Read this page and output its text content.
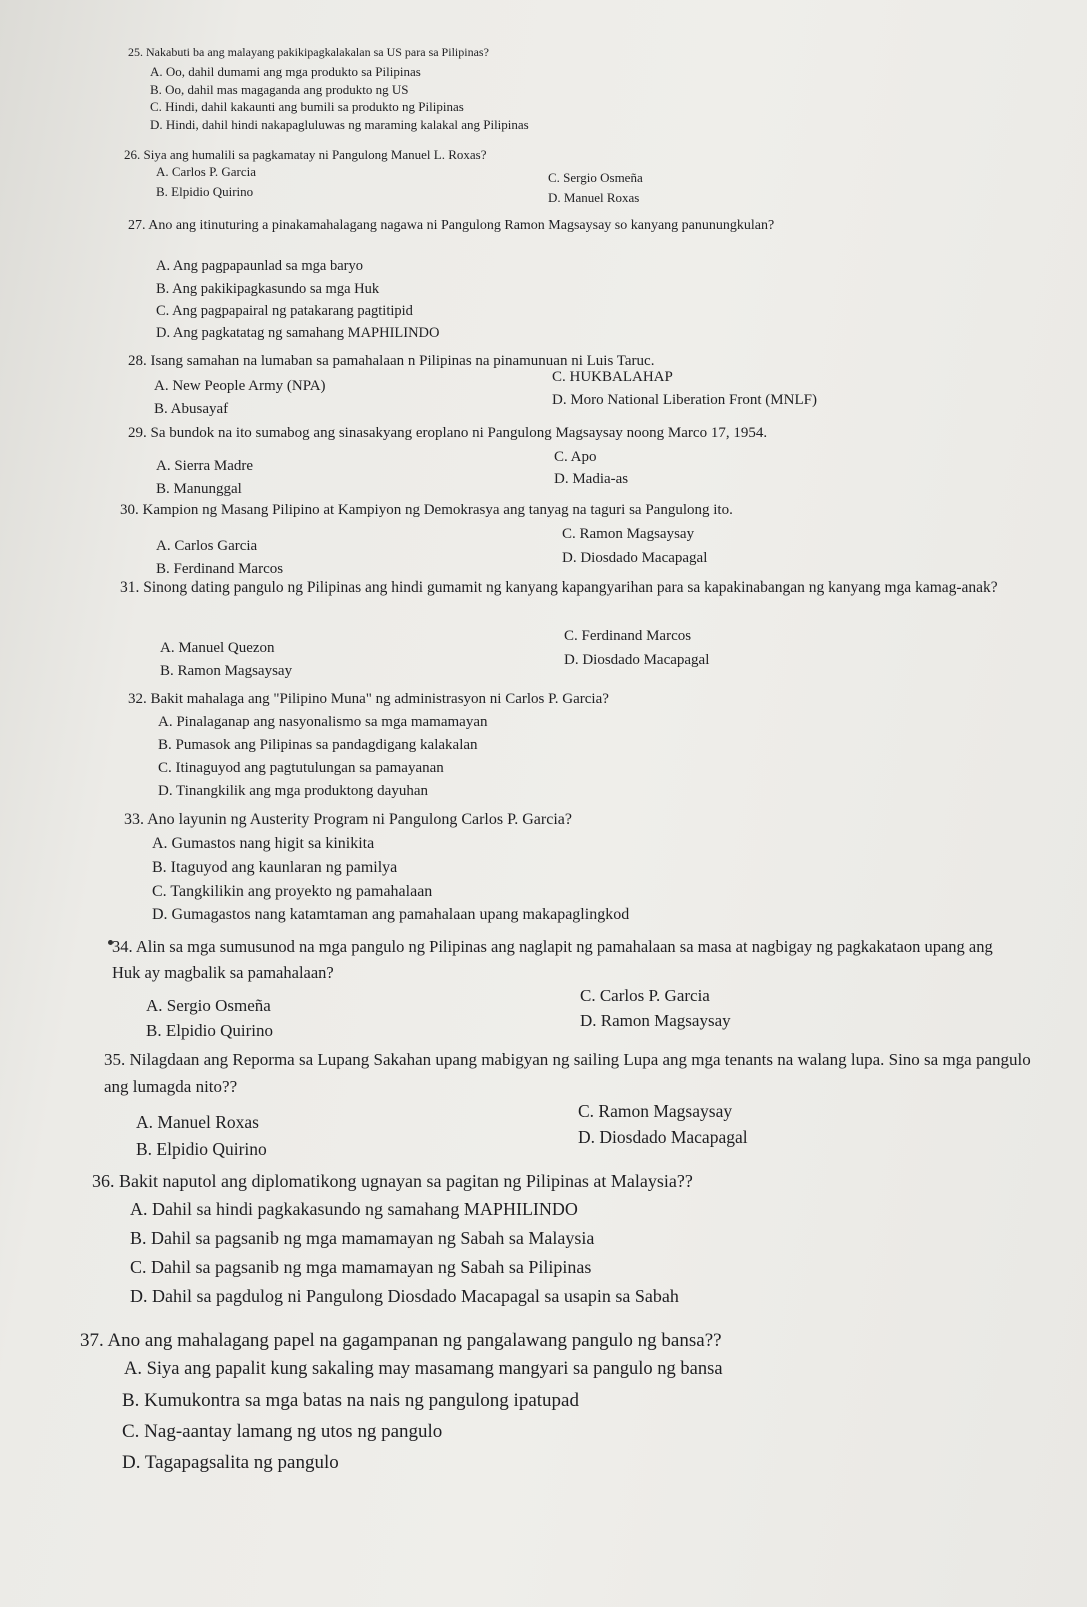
25. Nakabuti ba ang malayang pakikipagkalakalan sa US para sa Pilipinas?
A. Oo, dahil dumami ang mga produkto sa Pilipinas
B. Oo, dahil mas magaganda ang produkto ng US
C. Hindi, dahil kakaunti ang bumili sa produkto ng Pilipinas
D. Hindi, dahil hindi nakapagluluwas ng maraming kalakal ang Pilipinas
26. Siya ang humalili sa pagkamatay ni Pangulong Manuel L. Roxas?
A. Carlos P. Garcia	C. Sergio Osmeña
B. Elpidio Quirino	D. Manuel Roxas
27. Ano ang itinuturing a pinakamahalagang nagawa ni Pangulong Ramon Magsaysay so kanyang panunungkulan?
A. Ang pagpapaunlad sa mga baryo
B. Ang pakikipagkasundo sa mga Huk
C. Ang pagpapairal ng patakarang pagtitipid
D. Ang pagkatatag ng samahang MAPHILINDO
28. Isang samahan na lumaban sa pamahalaan n Pilipinas na pinamunuan ni Luis Taruc.
A. New People Army (NPA)
C. HUKBALAHAP
B. Abusayaf
D. Moro National Liberation Front (MNLF)
29. Sa bundok na ito sumabog ang sinasakyang eroplano ni Pangulong Magsaysay noong Marco 17, 1954.
C. Apo
A. Sierra Madre
D. Madia-as
B. Manunggal
30. Kampion ng Masang Pilipino at Kampiyon ng Demokrasya ang tanyag na taguri sa Pangulong ito.
C. Ramon Magsaysay
A. Carlos Garcia
D. Diosdado Macapagal
B. Ferdinand Marcos
31. Sinong dating pangulo ng Pilipinas ang hindi gumamit ng kanyang kapangyarihan para sa kapakinabangan ng kanyang mga kamag-anak?
C. Ferdinand Marcos
A. Manuel Quezon
D. Diosdado Macapagal
B. Ramon Magsaysay
32. Bakit mahalaga ang "Pilipino Muna" ng administrasyon ni Carlos P. Garcia?
A. Pinalaganap ang nasyonalismo sa mga mamamayan
B. Pumasok ang Pilipinas sa pandagdigang kalakalan
C. Itinaguyod ang pagtutulungan sa pamayanan
D. Tinangkilik ang mga produktong dayuhan
33. Ano layunin ng Austerity Program ni Pangulong Carlos P. Garcia?
A. Gumastos nang higit sa kinikita
B. Itaguyod ang kaunlaran ng pamilya
C. Tangkilikin ang proyekto ng pamahalaan
D. Gumagastos nang katamtaman ang pamahalaan upang makapaglingkod
34. Alin sa mga sumusunod na mga pangulo ng Pilipinas ang naglapit ng pamahalaan sa masa at nagbigay ng pagkakataon upang ang Huk ay magbalik sa pamahalaan?
C. Carlos P. Garcia
A. Sergio Osmeña
D. Ramon Magsaysay
B. Elpidio Quirino
35. Nilagdaan ang Reporma sa Lupang Sakahan upang mabigyan ng sailing Lupa ang mga tenants na walang lupa. Sino sa mga pangulo ang lumagda nito??
C. Ramon Magsaysay
A. Manuel Roxas
D. Diosdado Macapagal
B. Elpidio Quirino
36. Bakit naputol ang diplomatikong ugnayan sa pagitan ng Pilipinas at Malaysia??
A. Dahil sa hindi pagkakasundo ng samahang MAPHILINDO
B. Dahil sa pagsanib ng mga mamamayan ng Sabah sa Malaysia
C. Dahil sa pagsanib ng mga mamamayan ng Sabah sa Pilipinas
D. Dahil sa pagdulog ni Pangulong Diosdado Macapagal sa usapin sa Sabah
37. Ano ang mahalagang papel na gagampanan ng pangalawang pangulo ng bansa??
A. Siya ang papalit kung sakaling may masamang mangyari sa pangulo ng bansa
B. Kumukontra sa mga batas na nais ng pangulong ipatupad
C. Nag-aantay lamang ng utos ng pangulo
D. Tagapagsalita ng pangulo
